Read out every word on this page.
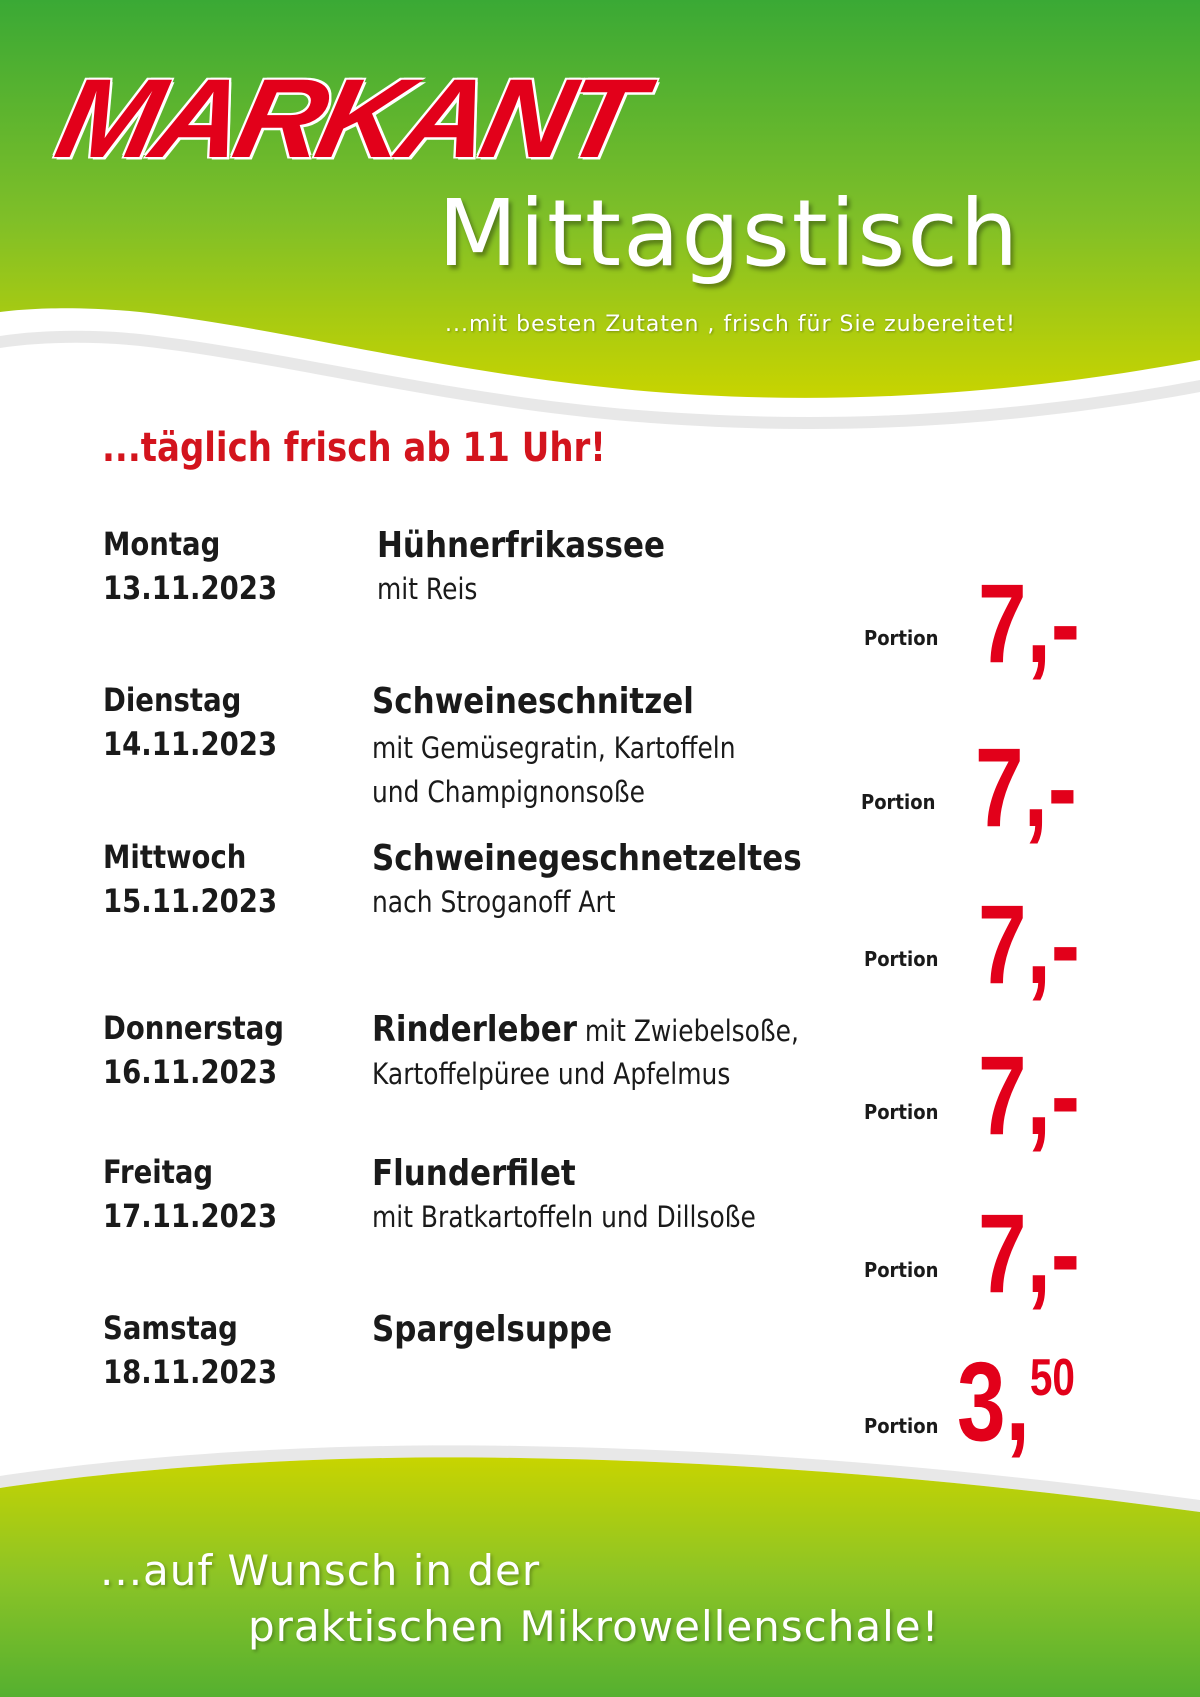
MARKANT
Mittagstisch
...mit besten Zutaten , frisch für Sie zubereitet!
...täglich frisch ab 11 Uhr!
Montag
13.11.2023
Hühnerfrikassee
mit Reis
Portion 7,-
Dienstag
14.11.2023
Schweineschnitzel
mit Gemüsegratin, Kartoffeln
und Champignonsoße	Portion 7,-
Mittwoch
15.11.2023
Schweinegeschnetzeltes
nach Stroganoff Art
Portion 7,-
Donnerstag
16.11.2023
Rinderleber mit Zwiebelsoße,
Kartoffelpüree und Apfelmus
Portion 7,-
Freitag
17.11.2023
Flunderfilet
mit Bratkartoffeln und Dillsoße
Portion 7,-
Samstag
18.11.2023
Spargelsuppe
Portion 3,50
...auf Wunsch in der
praktischen Mikrowellenschale!
